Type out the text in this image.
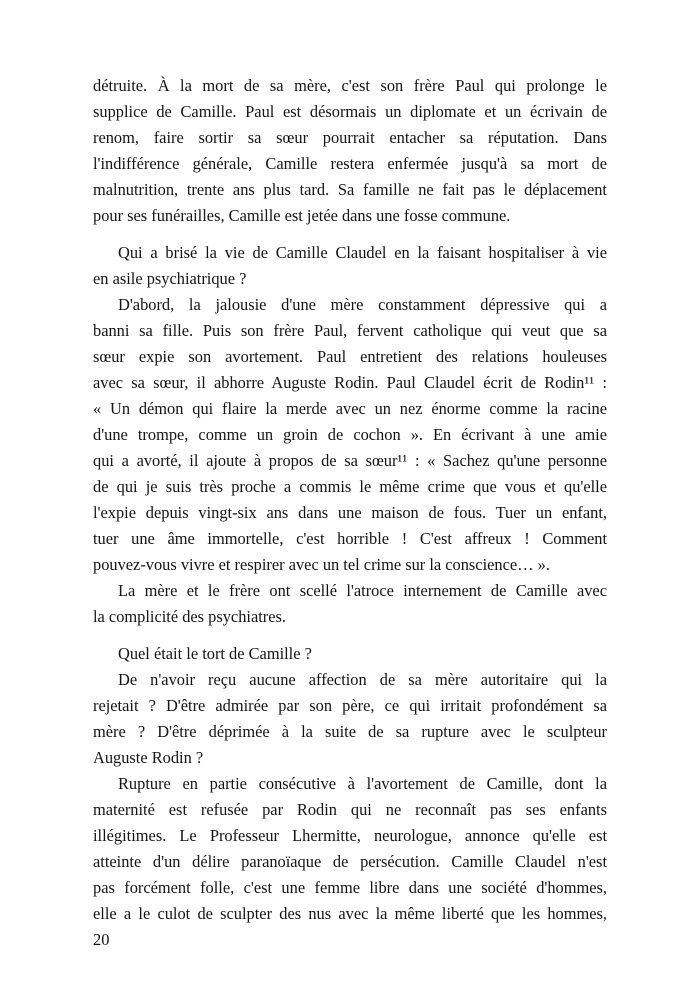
détruite. À la mort de sa mère, c'est son frère Paul qui prolonge le
supplice de Camille. Paul est désormais un diplomate et un écrivain de
renom, faire sortir sa sœur pourrait entacher sa réputation. Dans
l'indifférence générale, Camille restera enfermée jusqu'à sa mort de
malnutrition, trente ans plus tard. Sa famille ne fait pas le déplacement
pour ses funérailles, Camille est jetée dans une fosse commune.
Qui a brisé la vie de Camille Claudel en la faisant hospitaliser à vie
en asile psychiatrique ?
D'abord, la jalousie d'une mère constamment dépressive qui a
banni sa fille. Puis son frère Paul, fervent catholique qui veut que sa
sœur expie son avortement. Paul entretient des relations houleuses
avec sa sœur, il abhorre Auguste Rodin. Paul Claudel écrit de Rodin¹¹ :
« Un démon qui flaire la merde avec un nez énorme comme la racine
d'une trompe, comme un groin de cochon ». En écrivant à une amie
qui a avorté, il ajoute à propos de sa sœur¹¹ : « Sachez qu'une personne
de qui je suis très proche a commis le même crime que vous et qu'elle
l'expie depuis vingt-six ans dans une maison de fous. Tuer un enfant,
tuer une âme immortelle, c'est horrible ! C'est affreux ! Comment
pouvez-vous vivre et respirer avec un tel crime sur la conscience… ».
La mère et le frère ont scellé l'atroce internement de Camille avec
la complicité des psychiatres.
Quel était le tort de Camille ?
De n'avoir reçu aucune affection de sa mère autoritaire qui la
rejetait ? D'être admirée par son père, ce qui irritait profondément sa
mère ? D'être déprimée à la suite de sa rupture avec le sculpteur
Auguste Rodin ?
Rupture en partie consécutive à l'avortement de Camille, dont la
maternité est refusée par Rodin qui ne reconnaît pas ses enfants
illégitimes. Le Professeur Lhermitte, neurologue, annonce qu'elle est
atteinte d'un délire paranoïaque de persécution. Camille Claudel n'est
pas forcément folle, c'est une femme libre dans une société d'hommes,
elle a le culot de sculpter des nus avec la même liberté que les hommes,
20
